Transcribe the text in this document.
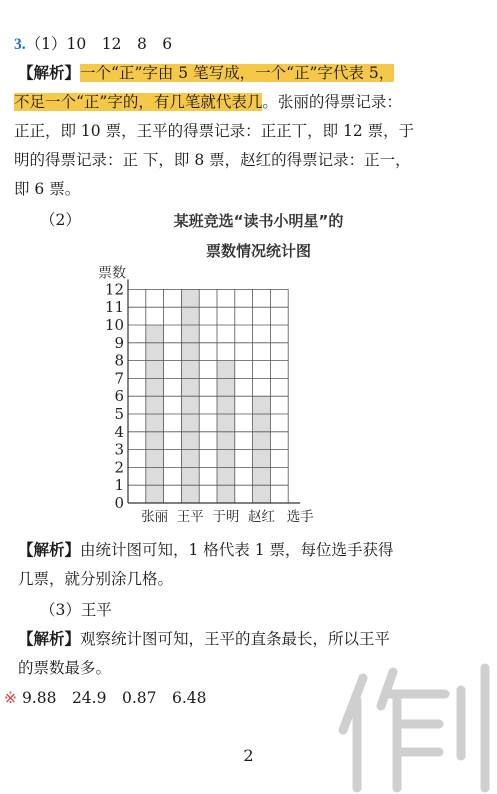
3.（1）10　12　8　6
【解析】一个“正”字由 5 笔写成，一个“正”字代表 5，
不足一个“正”字的，有几笔就代表几。张丽的得票记录：
正正，即 10 票，王平的得票记录：正正丅，即 12 票，于
明的得票记录：正 下，即 8 票，赵红的得票记录：正一，
即 6 票。
（2）	某班竞选“读书小明星”的
票数情况统计图
0
1
2
3
4
5
6
7
8
9
10
11
12
票数
张丽 王平 于明 赵红 选手
【解析】由统计图可知，1 格代表 1 票，每位选手获得
几票，就分别涂几格。
（3）王平
【解析】观察统计图可知，王平的直条最长，所以王平
的票数最多。
※ 9.88　24.9　0.87　6.48
2
